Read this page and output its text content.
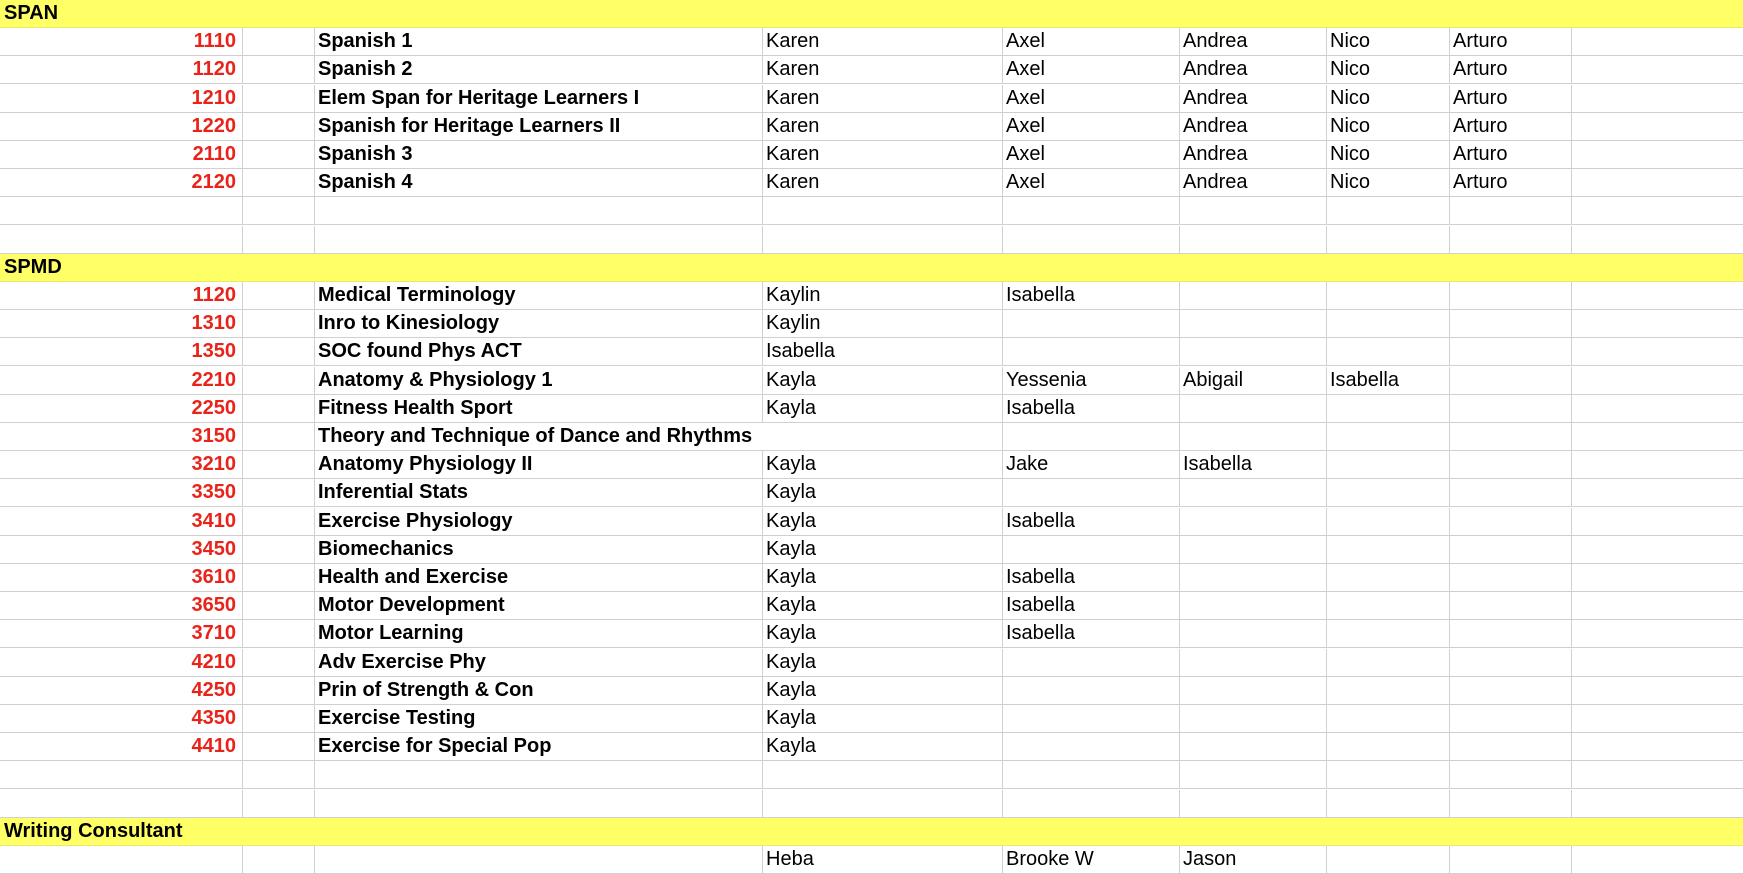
SPAN
1110	Spanish 1	Karen	Axel	Andrea	Nico	Arturo
1120	Spanish 2	Karen	Axel	Andrea	Nico	Arturo
1210	Elem Span for Heritage Learners I	Karen	Axel	Andrea	Nico	Arturo
1220	Spanish for Heritage Learners II	Karen	Axel	Andrea	Nico	Arturo
2110	Spanish 3	Karen	Axel	Andrea	Nico	Arturo
2120	Spanish 4	Karen	Axel	Andrea	Nico	Arturo
SPMD
1120	Medical Terminology	Kaylin	Isabella
1310	Inro to Kinesiology	Kaylin
1350	SOC found Phys ACT	Isabella
2210	Anatomy & Physiology 1	Kayla	Yessenia	Abigail	Isabella
2250	Fitness Health Sport	Kayla	Isabella
3150	Theory and Technique of Dance and Rhythms
3210	Anatomy Physiology II	Kayla	Jake	Isabella
3350	Inferential Stats	Kayla
3410	Exercise Physiology	Kayla	Isabella
3450	Biomechanics	Kayla
3610	Health and Exercise	Kayla	Isabella
3650	Motor Development	Kayla	Isabella
3710	Motor Learning	Kayla	Isabella
4210	Adv Exercise Phy	Kayla
4250	Prin of Strength & Con	Kayla
4350	Exercise Testing	Kayla
4410	Exercise for Special Pop	Kayla
Writing Consultant
Heba	Brooke W	Jason
